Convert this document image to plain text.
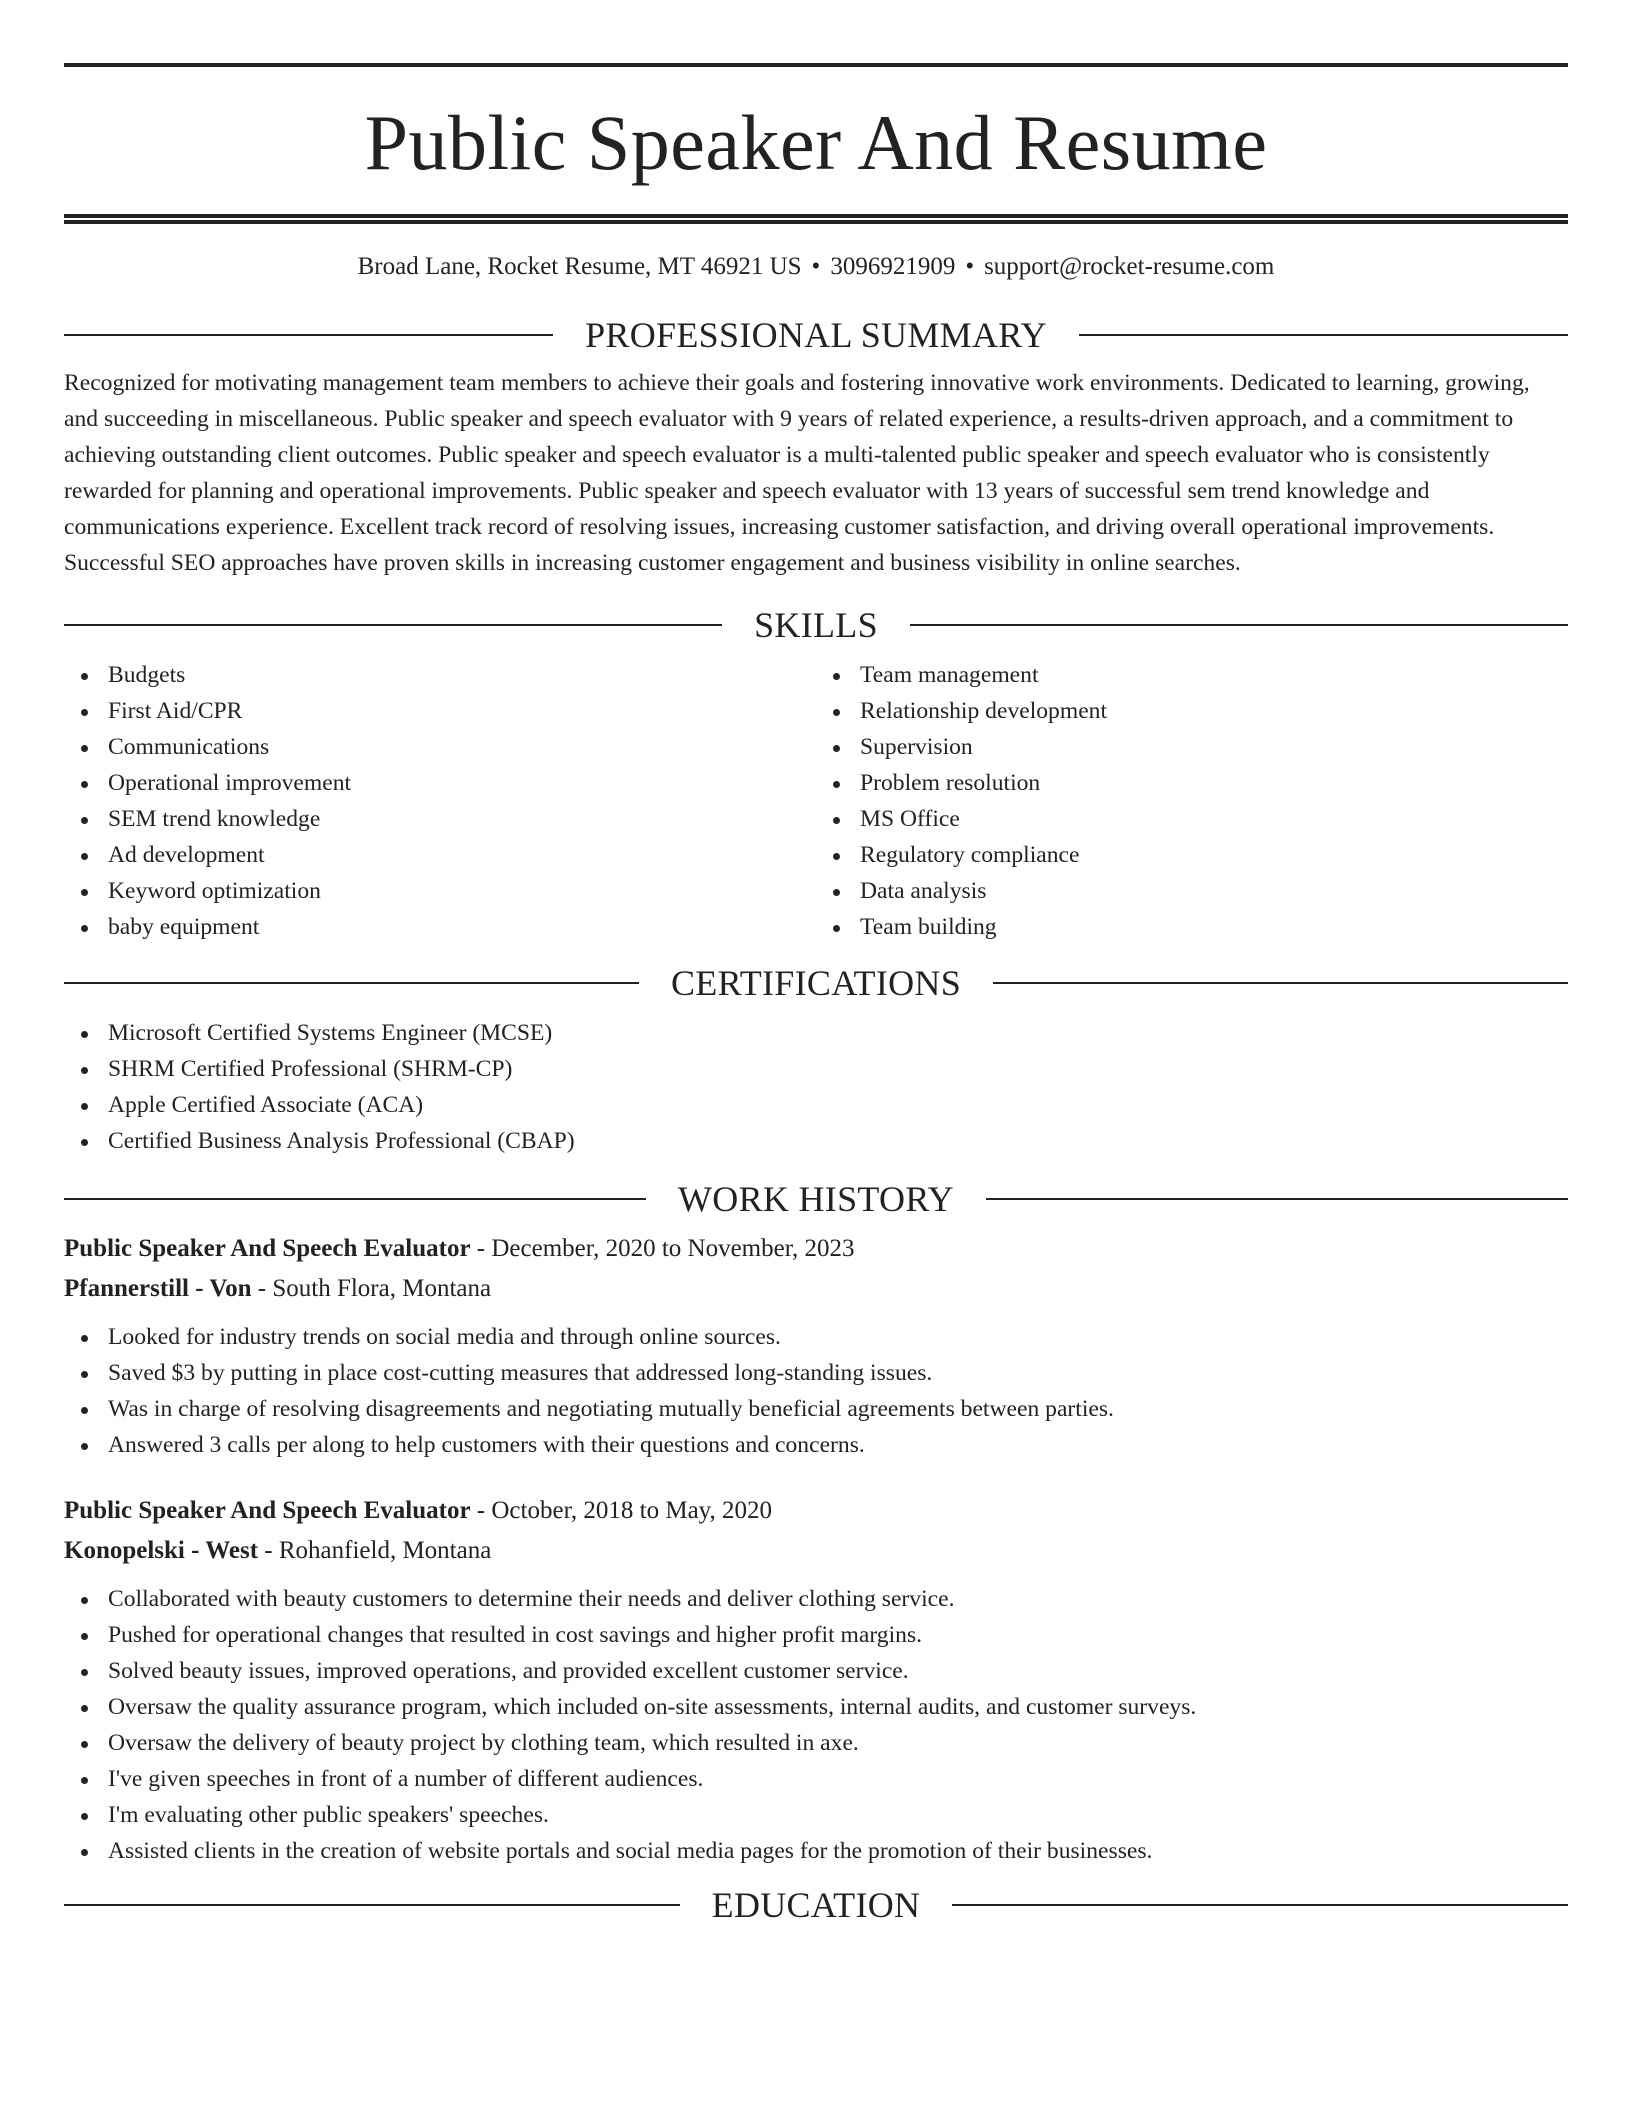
Public Speaker And Resume
Broad Lane, Rocket Resume, MT 46921 US • 3096921909 • support@rocket-resume.com
PROFESSIONAL SUMMARY
Recognized for motivating management team members to achieve their goals and fostering innovative work environments. Dedicated to learning, growing, and succeeding in miscellaneous. Public speaker and speech evaluator with 9 years of related experience, a results-driven approach, and a commitment to achieving outstanding client outcomes. Public speaker and speech evaluator is a multi-talented public speaker and speech evaluator who is consistently rewarded for planning and operational improvements. Public speaker and speech evaluator with 13 years of successful sem trend knowledge and communications experience. Excellent track record of resolving issues, increasing customer satisfaction, and driving overall operational improvements. Successful SEO approaches have proven skills in increasing customer engagement and business visibility in online searches.
SKILLS
Budgets
First Aid/CPR
Communications
Operational improvement
SEM trend knowledge
Ad development
Keyword optimization
baby equipment
Team management
Relationship development
Supervision
Problem resolution
MS Office
Regulatory compliance
Data analysis
Team building
CERTIFICATIONS
Microsoft Certified Systems Engineer (MCSE)
SHRM Certified Professional (SHRM-CP)
Apple Certified Associate (ACA)
Certified Business Analysis Professional (CBAP)
WORK HISTORY
Public Speaker And Speech Evaluator - December, 2020 to November, 2023
Pfannerstill - Von - South Flora, Montana
Looked for industry trends on social media and through online sources.
Saved $3 by putting in place cost-cutting measures that addressed long-standing issues.
Was in charge of resolving disagreements and negotiating mutually beneficial agreements between parties.
Answered 3 calls per along to help customers with their questions and concerns.
Public Speaker And Speech Evaluator - October, 2018 to May, 2020
Konopelski - West - Rohanfield, Montana
Collaborated with beauty customers to determine their needs and deliver clothing service.
Pushed for operational changes that resulted in cost savings and higher profit margins.
Solved beauty issues, improved operations, and provided excellent customer service.
Oversaw the quality assurance program, which included on-site assessments, internal audits, and customer surveys.
Oversaw the delivery of beauty project by clothing team, which resulted in axe.
I've given speeches in front of a number of different audiences.
I'm evaluating other public speakers' speeches.
Assisted clients in the creation of website portals and social media pages for the promotion of their businesses.
EDUCATION
